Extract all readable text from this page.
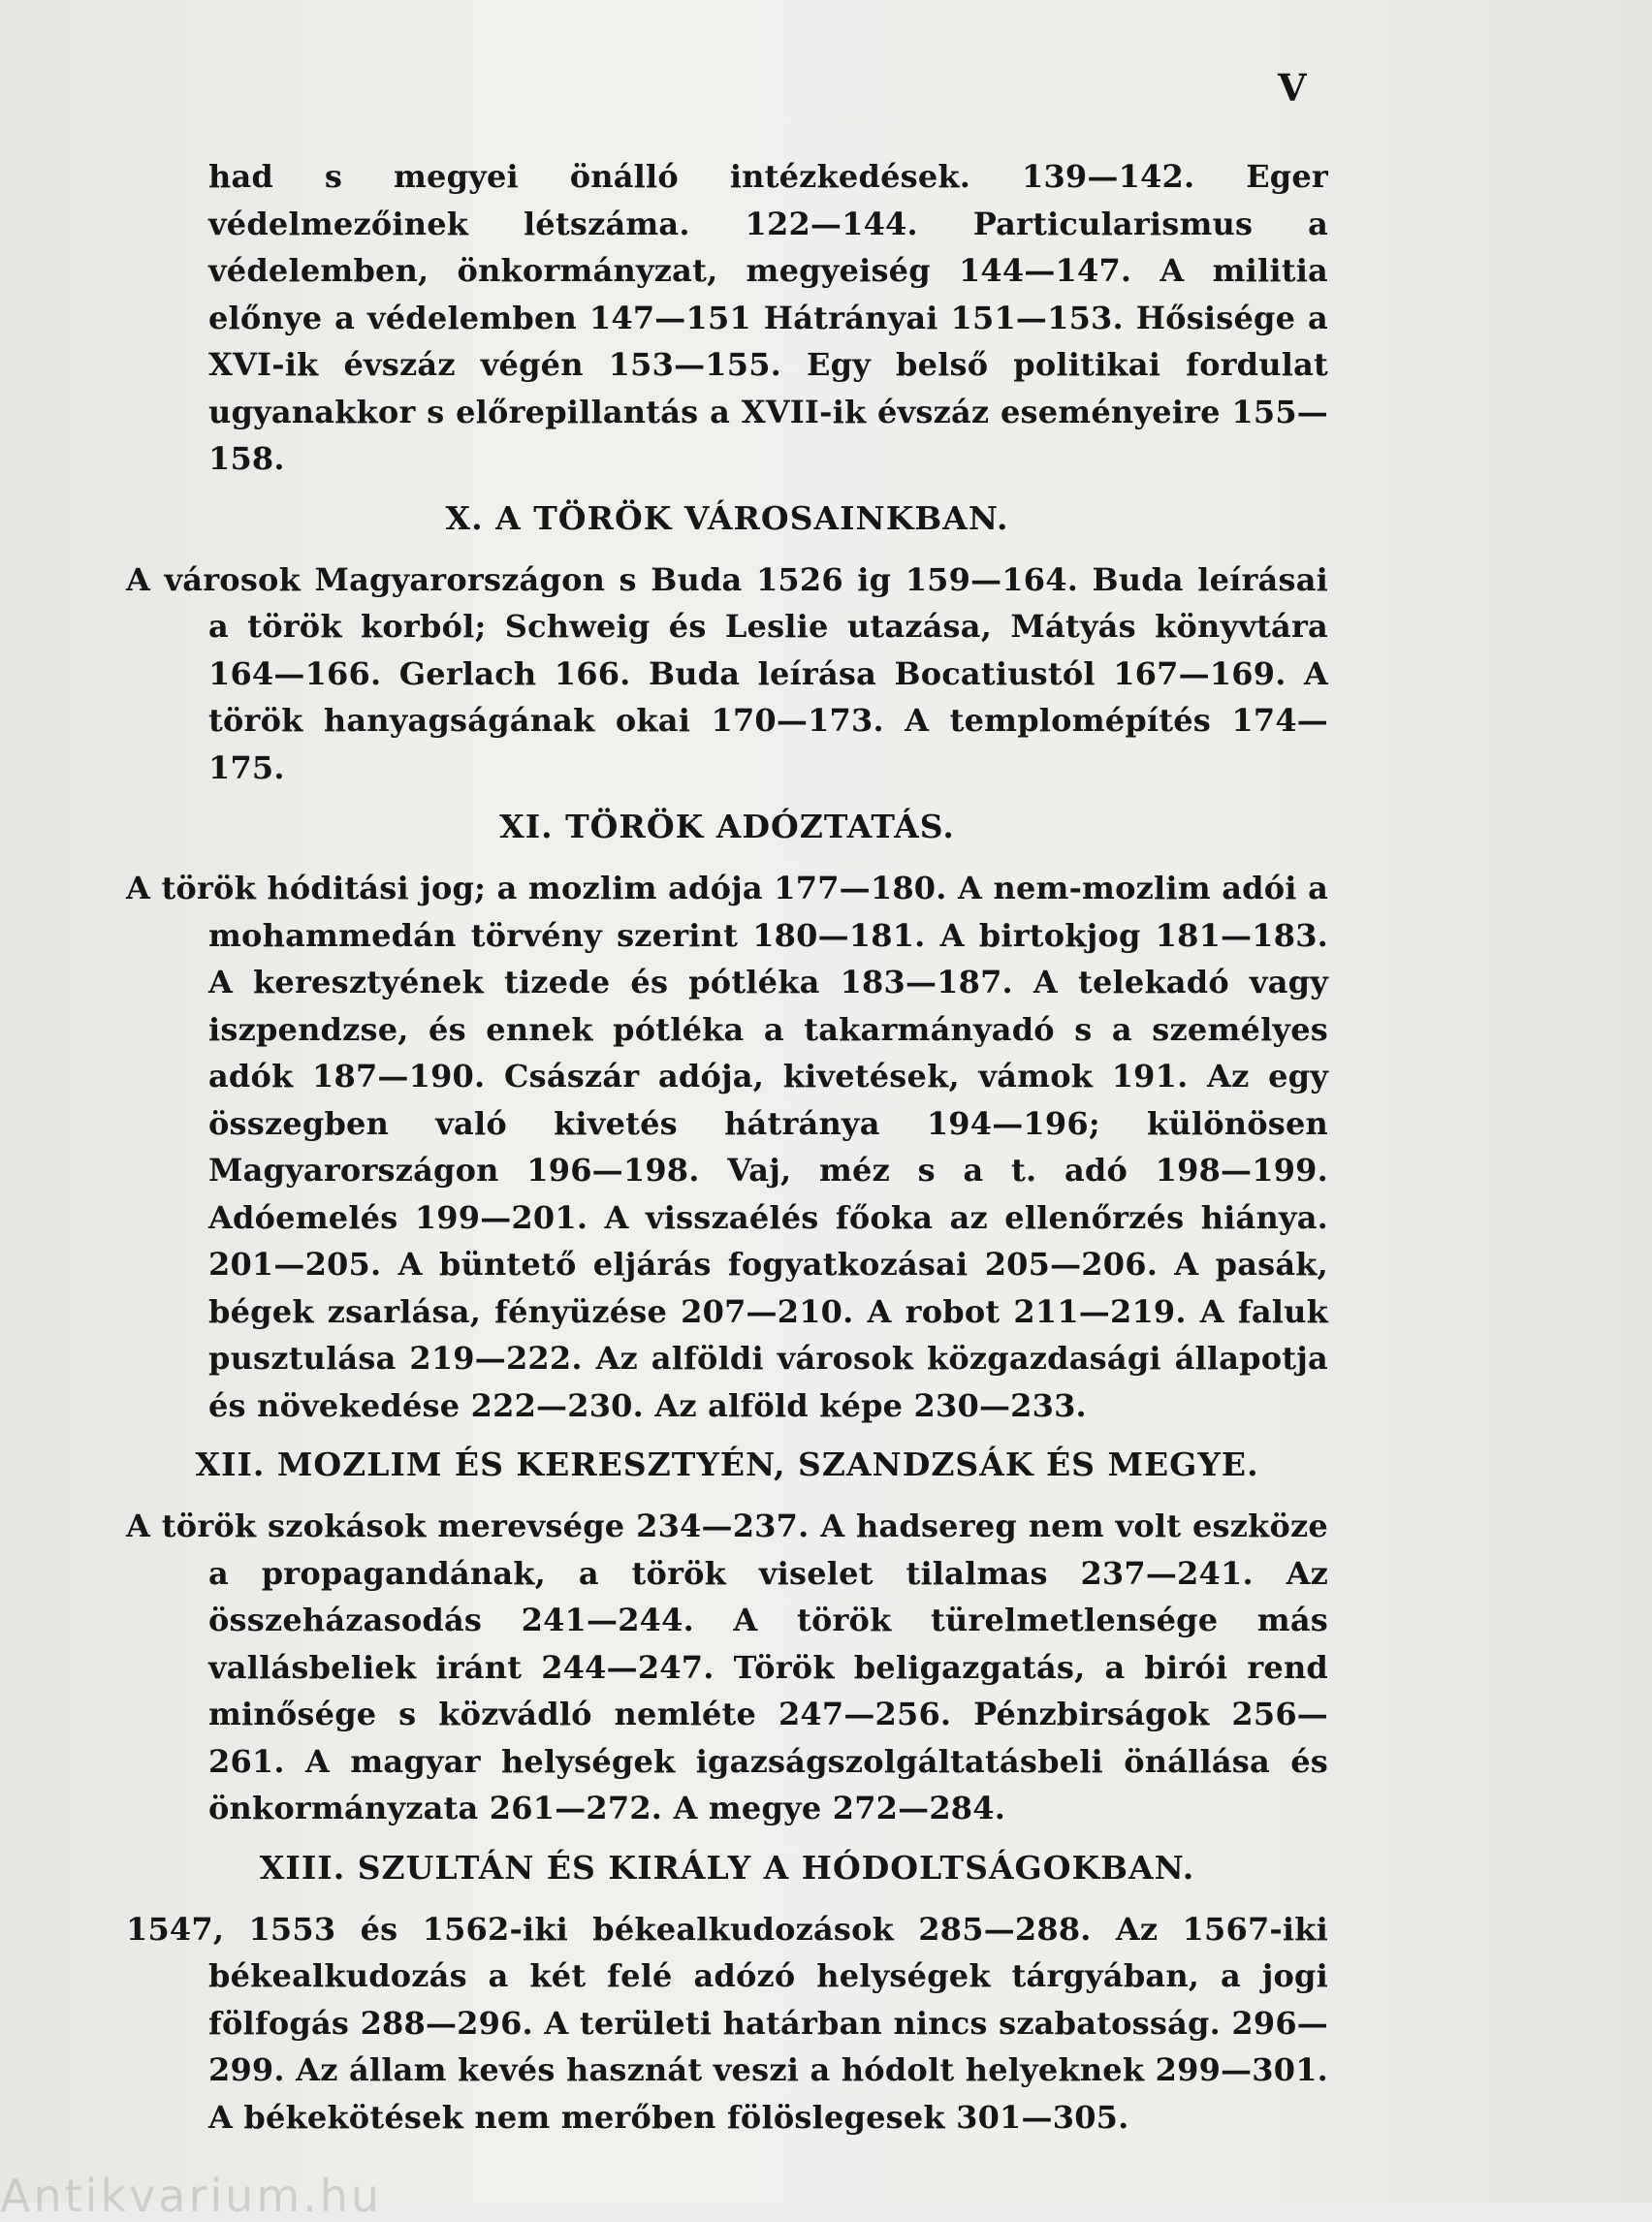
V

had s megyei önálló intézkedések. 139—142. Eger védelmezőinek létszáma. 122—144. Particularismus a védelemben, önkormányzat, megyeiség 144—147. A militia előnye a védelemben 147—151 Hátrányai 151—153. Hősisége a XVI-ik évszáz végén 153—155. Egy belső politikai fordulat ugyanakkor s előrepillantás a XVII-ik évszáz eseményeire 155—158.

X. A TÖRÖK VÁROSAINKBAN.

A városok Magyarországon s Buda 1526 ig 159—164. Buda leírásai a török korból; Schweig és Leslie utazása, Mátyás könyvtára 164—166. Gerlach 166. Buda leírása Bocatiustól 167—169. A török hanyagságának okai 170—173. A templomépítés 174—175.

XI. TÖRÖK ADÓZTATÁS.

A török hóditási jog; a mozlim adója 177—180. A nem-mozlim adói a mohammedán törvény szerint 180—181. A birtokjog 181—183. A keresztyének tizede és pótléka 183—187. A telekadó vagy iszpendzse, és ennek pótléka a takarmányadó s a személyes adók 187—190. Császár adója, kivetések, vámok 191. Az egy összegben való kivetés hátránya 194—196; különösen Magyarországon 196—198. Vaj, méz s a t. adó 198—199. Adóemelés 199—201. A visszaélés főoka az ellenőrzés hiánya. 201—205. A büntető eljárás fogyatkozásai 205—206. A pasák, bégek zsarlása, fényüzése 207—210. A robot 211—219. A faluk pusztulása 219—222. Az alföldi városok közgazdasági állapotja és növekedése 222—230. Az alföld képe 230—233.

XII. MOZLIM ÉS KERESZTYÉN, SZANDZSÁK ÉS MEGYE.

A török szokások merevsége 234—237. A hadsereg nem volt eszköze a propagandának, a török viselet tilalmas 237—241. Az összeházasodás 241—244. A török türelmetlensége más vallásbeliek iránt 244—247. Török beligazgatás, a birói rend minősége s közvádló nemléte 247—256. Pénzbirságok 256—261. A magyar helységek igazságszolgáltatásbeli önállása és önkormányzata 261—272. A megye 272—284.

XIII. SZULTÁN ÉS KIRÁLY A HÓDOLTSÁGOKBAN.

1547, 1553 és 1562-iki békealkudozások 285—288. Az 1567-iki békealkudozás a két felé adózó helységek tárgyában, a jogi fölfogás 288—296. A területi határban nincs szabatosság. 296—299. Az állam kevés hasznát veszi a hódolt helyeknek 299—301. A békekötések nem merőben fölöslegesek 301—305.

Antikvarium.hu
